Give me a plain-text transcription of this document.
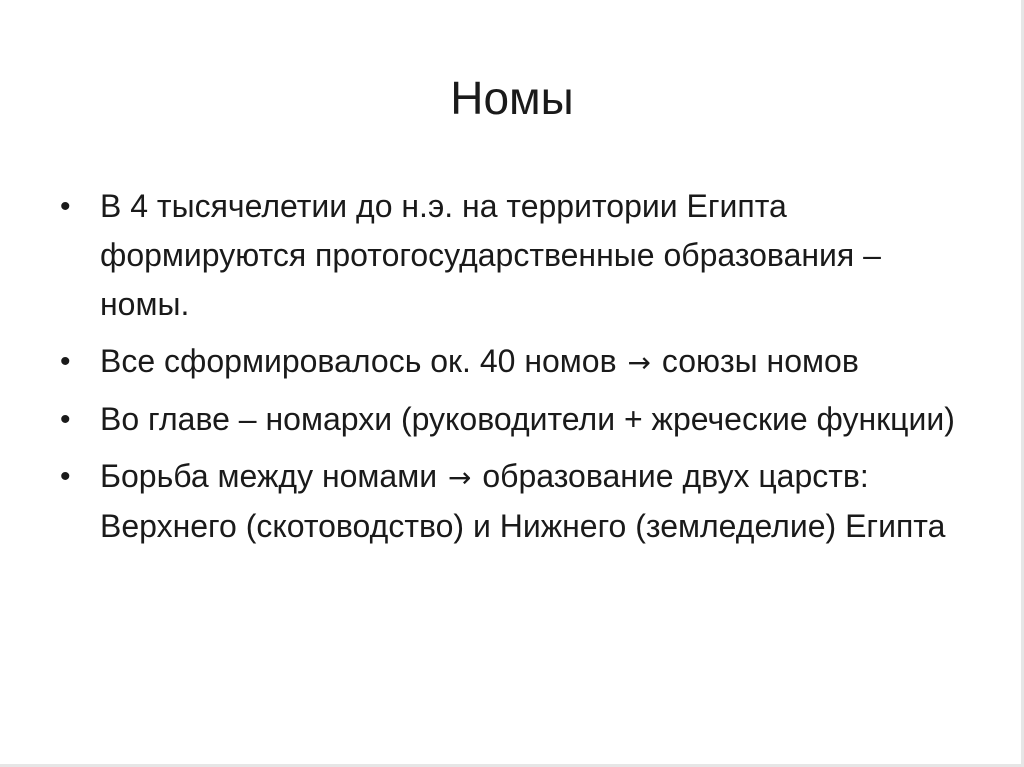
Номы
• В 4 тысячелетии до н.э. на территории Египта формируются протогосударственные образования – номы.
• Все сформировалось ок. 40 номов → союзы номов
• Во главе – номархи (руководители + жреческие функции)
• Борьба между номами → образование двух царств: Верхнего (скотоводство) и Нижнего (земледелие) Египта
